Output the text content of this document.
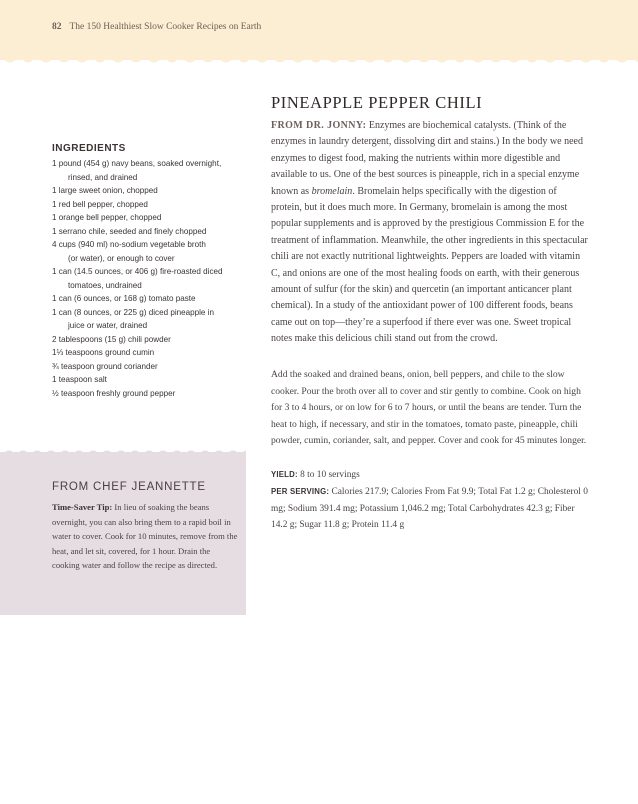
82 The 150 Healthiest Slow Cooker Recipes on Earth
PINEAPPLE PEPPER CHILI
FROM DR. JONNY: Enzymes are biochemical catalysts. (Think of the enzymes in laundry detergent, dissolving dirt and stains.) In the body we need enzymes to digest food, making the nutrients within more digestible and available to us. One of the best sources is pineapple, rich in a special enzyme known as bromelain. Bromelain helps specifically with the digestion of protein, but it does much more. In Germany, bromelain is among the most popular supplements and is approved by the prestigious Commission E for the treatment of inflammation. Meanwhile, the other ingredients in this spectacular chili are not exactly nutritional lightweights. Peppers are loaded with vitamin C, and onions are one of the most healing foods on earth, with their generous amount of sulfur (for the skin) and quercetin (an important anticancer plant chemical). In a study of the antioxidant power of 100 different foods, beans came out on top—they’re a superfood if there ever was one. Sweet tropical notes make this delicious chili stand out from the crowd.
INGREDIENTS
1 pound (454 g) navy beans, soaked overnight,
rinsed, and drained
1 large sweet onion, chopped
1 red bell pepper, chopped
1 orange bell pepper, chopped
1 serrano chile, seeded and finely chopped
4 cups (940 ml) no-sodium vegetable broth
(or water), or enough to cover
1 can (14.5 ounces, or 406 g) fire-roasted diced
tomatoes, undrained
1 can (6 ounces, or 168 g) tomato paste
1 can (8 ounces, or 225 g) diced pineapple in
juice or water, drained
2 tablespoons (15 g) chili powder
1⅓ teaspoons ground cumin
¾ teaspoon ground coriander
1 teaspoon salt
½ teaspoon freshly ground pepper
Add the soaked and drained beans, onion, bell peppers, and chile to the slow cooker. Pour the broth over all to cover and stir gently to combine. Cook on high for 3 to 4 hours, or on low for 6 to 7 hours, or until the beans are tender. Turn the heat to high, if necessary, and stir in the tomatoes, tomato paste, pineapple, chili powder, cumin, coriander, salt, and pepper. Cover and cook for 45 minutes longer.
YIELD: 8 to 10 servings
PER SERVING: Calories 217.9; Calories From Fat 9.9; Total Fat 1.2 g; Cholesterol 0 mg; Sodium 391.4 mg; Potassium 1,046.2 mg; Total Carbohydrates 42.3 g; Fiber 14.2 g; Sugar 11.8 g; Protein 11.4 g
FROM CHEF JEANNETTE
Time-Saver Tip: In lieu of soaking the beans overnight, you can also bring them to a rapid boil in water to cover. Cook for 10 minutes, remove from the heat, and let sit, covered, for 1 hour. Drain the cooking water and follow the recipe as directed.
